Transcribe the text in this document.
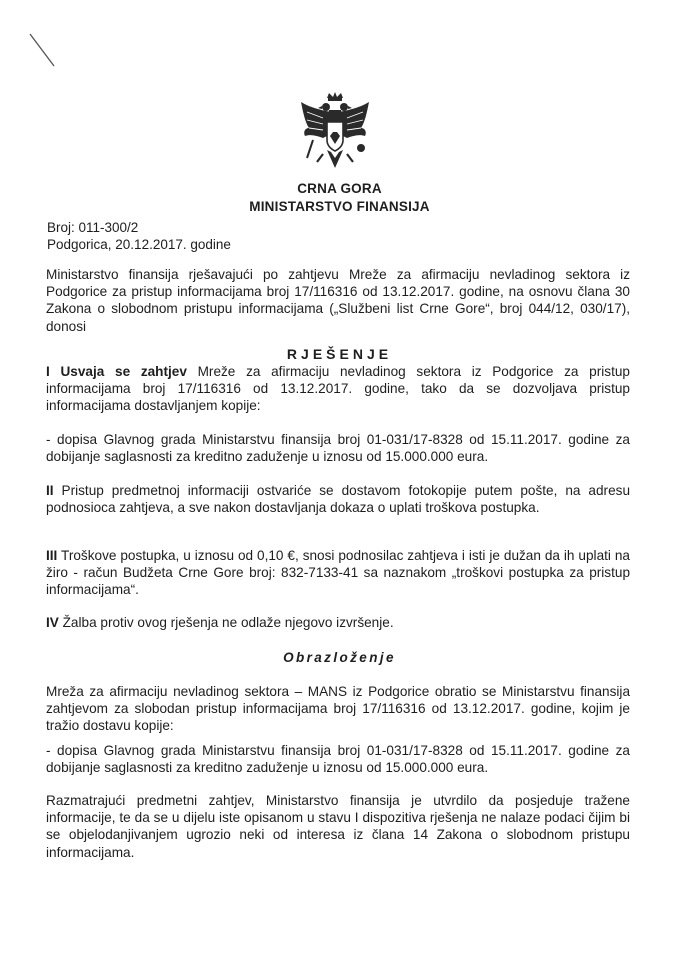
CRNA GORA
MINISTARSTVO FINANSIJA
Broj: 011-300/2
Podgorica, 20.12.2017. godine
Ministarstvo finansija rješavajući po zahtjevu Mreže za afirmaciju nevladinog sektora iz Podgorice za pristup informacijama broj 17/116316 od 13.12.2017. godine, na osnovu člana 30 Zakona o slobodnom pristupu informacijama („Službeni list Crne Gore“, broj 044/12, 030/17), donosi
RJEŠENJE
I Usvaja se zahtjev Mreže za afirmaciju nevladinog sektora iz Podgorice za pristup informacijama broj 17/116316 od 13.12.2017. godine, tako da se dozvoljava pristup informacijama dostavljanjem kopije:
- dopisa Glavnog grada Ministarstvu finansija broj 01-031/17-8328 od 15.11.2017. godine za dobijanje saglasnosti za kreditno zaduženje u iznosu od 15.000.000 eura.
II Pristup predmetnoj informaciji ostvariće se dostavom fotokopije putem pošte, na adresu podnosioca zahtjeva, a sve nakon dostavljanja dokaza o uplati troškova postupka.
III Troškove postupka, u iznosu od 0,10 €, snosi podnosilac zahtjeva i isti je dužan da ih uplati na žiro - račun Budžeta Crne Gore broj: 832-7133-41 sa naznakom „troškovi postupka za pristup informacijama“.
IV Žalba protiv ovog rješenja ne odlaže njegovo izvršenje.
Obrazloženje
Mreža za afirmaciju nevladinog sektora – MANS iz Podgorice obratio se Ministarstvu finansija zahtjevom za slobodan pristup informacijama broj 17/116316 od 13.12.2017. godine, kojim je tražio dostavu kopije:
- dopisa Glavnog grada Ministarstvu finansija broj 01-031/17-8328 od 15.11.2017. godine za dobijanje saglasnosti za kreditno zaduženje u iznosu od 15.000.000 eura.
Razmatrajući predmetni zahtjev, Ministarstvo finansija je utvrdilo da posjeduje tražene informacije, te da se u dijelu iste opisanom u stavu I dispozitiva rješenja ne nalaze podaci čijim bi se objelodanjivanjem ugrozio neki od interesa iz člana 14 Zakona o slobodnom pristupu informacijama.
